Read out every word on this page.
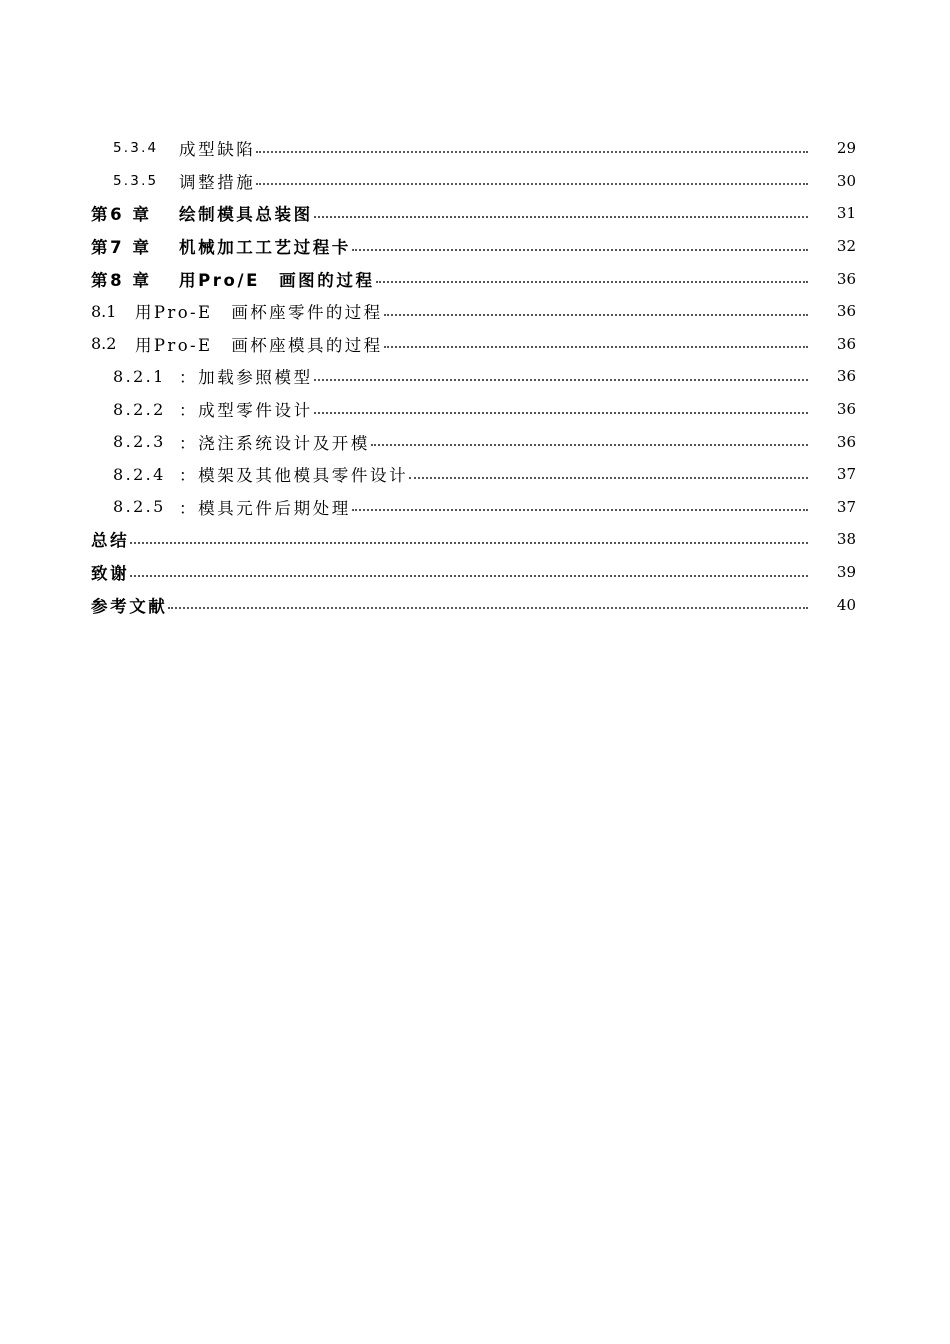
5.3.4	成型缺陷	29
5.3.5	调整措施	30
第6 章	绘制模具总装图	31
第7 章	机械加工工艺过程卡	32
第8 章	用Pro/E　画图的过程	36
8.1	用Pro-E　画杯座零件的过程	36
8.2	用Pro-E　画杯座模具的过程	36
8.2.1 ：加载参照模型	36
8.2.2 ：成型零件设计	36
8.2.3 ：浇注系统设计及开模	36
8.2.4 ：模架及其他模具零件设计	37
8.2.5 ：模具元件后期处理	37
总结	38
致谢	39
参考文献	40
